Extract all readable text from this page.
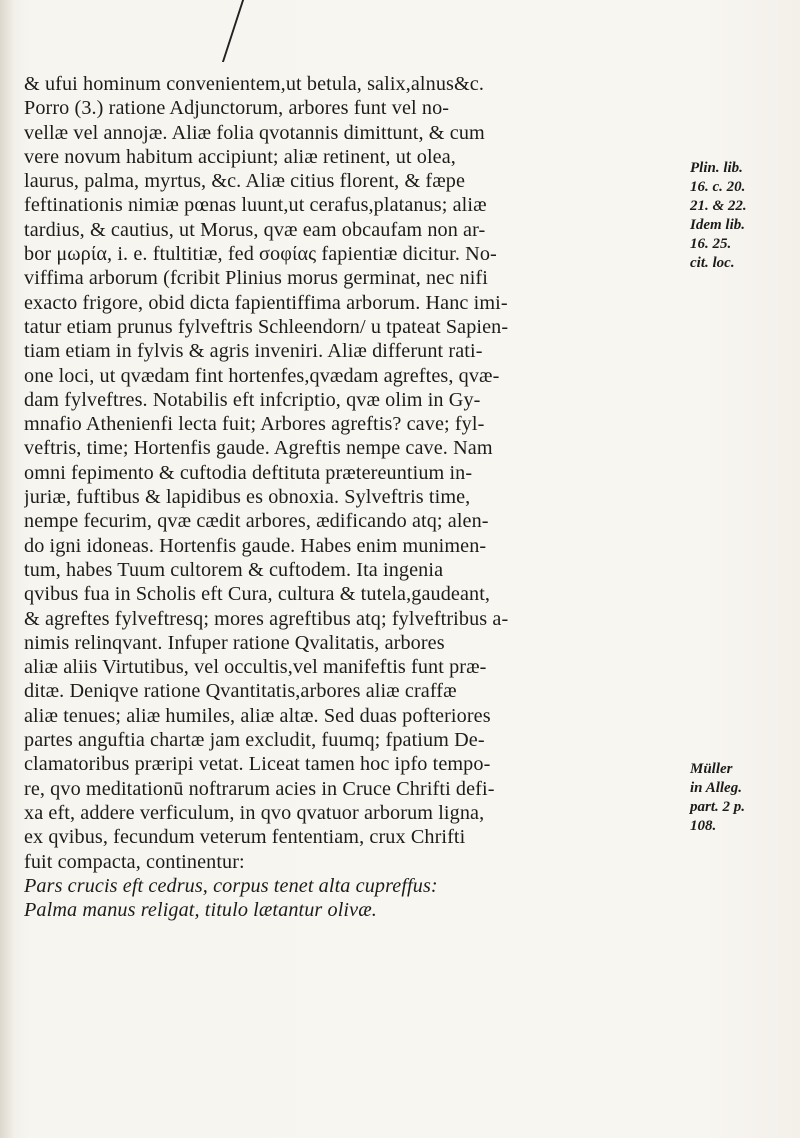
& ufui hominum convenientem,ut betula, salix,alnus&c.
Porro (3.) ratione Adjunctorum, arbores funt vel no-
vellæ vel annojæ. Aliæ folia qvotannis dimittunt, & cum
vere novum habitum accipiunt; aliæ retinent, ut olea,
laurus, palma, myrtus, &c. Aliæ citius florent, & fæpe
feftinationis nimiæ pœnas luunt,ut cerafus,platanus; aliæ
tardius, & cautius, ut Morus, qvæ eam obcaufam non ar-
bor μωρία, i. e. ftultitiæ, fed σοφίας fapientiæ dicitur. No-
viffima arborum (fcribit Plinius morus germinat, nec nifi
exacto frigore, obid dicta fapientiffima arborum. Hanc imi-
tatur etiam prunus fylveftris Schleendorn/ u tpateat Sapien-
tiam etiam in fylvis & agris inveniri. Aliæ differunt rati-
one loci, ut qvædam fint hortenfes,qvædam agreftes, qvæ-
dam fylveftres. Notabilis eft infcriptio, qvæ olim in Gy-
mnafio Athenienfi lecta fuit; Arbores agreftis? cave; fyl-
veftris, time; Hortenfis gaude. Agreftis nempe cave. Nam
omni fepimento & cuftodia deftituta prætereuntium in-
juriæ, fuftibus & lapidibus es obnoxia. Sylveftris time,
nempe fecurim, qvæ cædit arbores, ædificando atq; alen-
do igni idoneas. Hortenfis gaude. Habes enim munimen-
tum, habes Tuum cultorem & cuftodem. Ita ingenia
qvibus fua in Scholis eft Cura, cultura & tutela,gaudeant,
& agreftes fylveftresq; mores agreftibus atq; fylveftribus a-
nimis relinqvant. Infuper ratione Qvalitatis, arbores
aliæ aliis Virtutibus, vel occultis,vel manifeftis funt præ-
ditæ. Deniqve ratione Qvantitatis,arbores aliæ craffæ
aliæ tenues; aliæ humiles, aliæ altæ. Sed duas pofteriores
partes anguftia chartæ jam excludit, fuumq; fpatium De-
clamatoribus præripi vetat. Liceat tamen hoc ipfo tempo-
re, qvo meditationū noftrarum acies in Cruce Chrifti defi-
xa eft, addere verficulum, in qvo qvatuor arborum ligna,
ex qvibus, fecundum veterum fententiam, crux Chrifti
fuit compacta, continentur:
Pars crucis eft cedrus, corpus tenet alta cupreffus:
Palma manus religat, titulo lætantur olivæ.
Plin. lib.
16. c. 20.
21. & 22.
Idem lib.
16. 25.
cit. loc.
Müller
in Alleg.
part. 2 p.
108.
